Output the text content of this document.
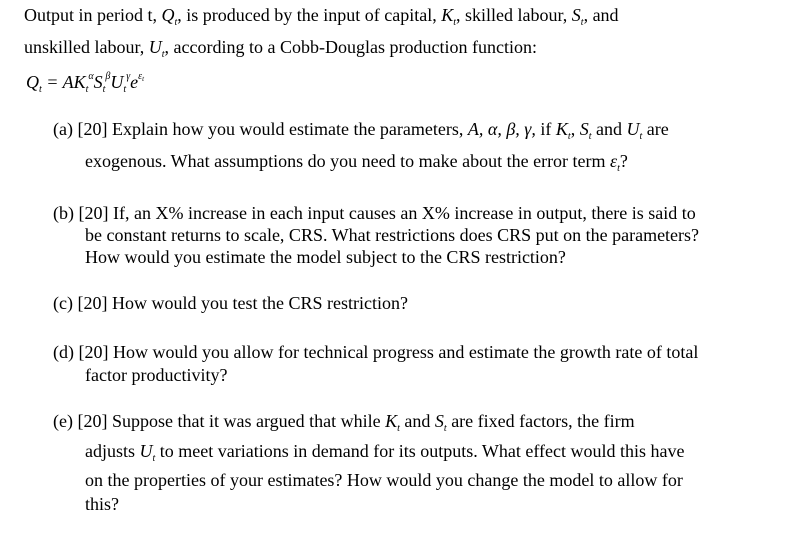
Output in period t, $Q_t$, is produced by the input of capital, $K_t$, skilled labour, $S_t$, and
unskilled labour, $U_t$, according to a Cobb-Douglas production function:
$Q_t = AK_t^\alpha S_t^\beta U_t^\gamma e^{\varepsilon_t}$
(a) [20] Explain how you would estimate the parameters, A, α, β, γ, if $K_t$, $S_t$ and $U_t$ are
exogenous. What assumptions do you need to make about the error term $\varepsilon_t$?
(b) [20] If, an X% increase in each input causes an X% increase in output, there is said to
be constant returns to scale, CRS. What restrictions does CRS put on the parameters?
How would you estimate the model subject to the CRS restriction?
(c) [20] How would you test the CRS restriction?
(d) [20] How would you allow for technical progress and estimate the growth rate of total
factor productivity?
(e) [20] Suppose that it was argued that while $K_t$ and $S_t$ are fixed factors, the firm
adjusts $U_t$ to meet variations in demand for its outputs. What effect would this have
on the properties of your estimates? How would you change the model to allow for
this?
